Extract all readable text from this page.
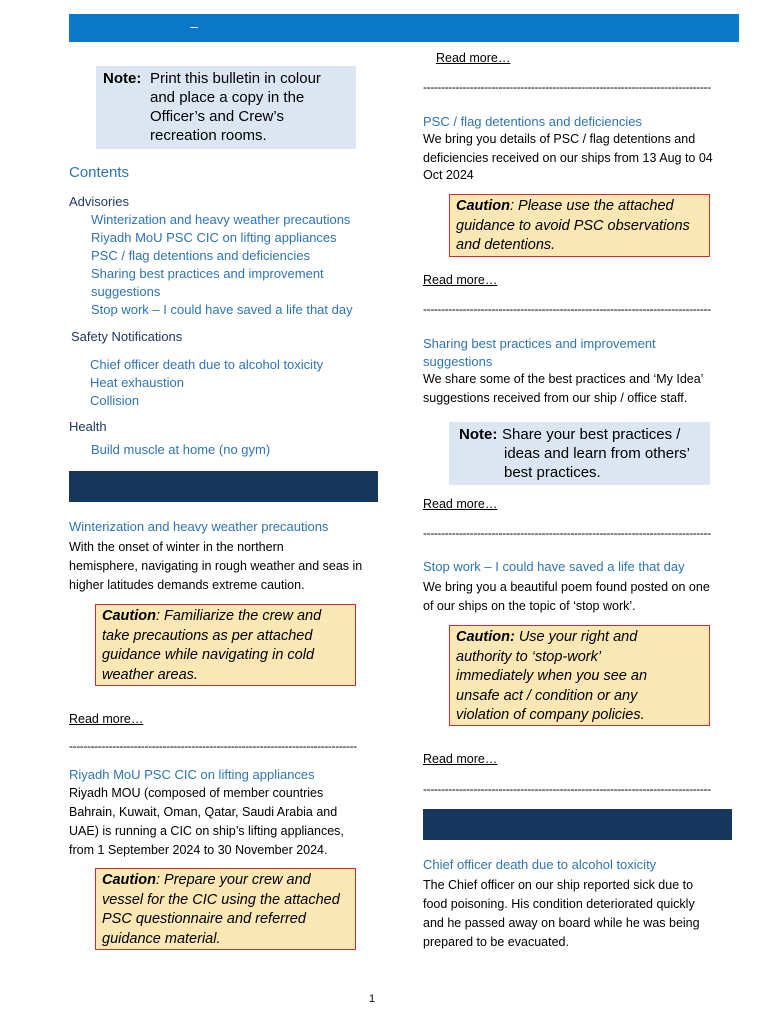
–
Note: Print this bulletin in colour
and place a copy in the
Officer’s and Crew’s
recreation rooms.
Contents
Advisories
Winterization and heavy weather precautions
Riyadh MoU PSC CIC on lifting appliances
PSC / flag detentions and deficiencies
Sharing best practices and improvement
suggestions
Stop work – I could have saved a life that day
Safety Notifications
Chief officer death due to alcohol toxicity
Heat exhaustion
Collision
Health
Build muscle at home (no gym)
Winterization and heavy weather precautions
With the onset of winter in the northern
hemisphere, navigating in rough weather and seas in
higher latitudes demands extreme caution.
Caution: Familiarize the crew and
take precautions as per attached
guidance while navigating in cold
weather areas.
Read more…
--------------------------------------------------------------------------------
Riyadh MoU PSC CIC on lifting appliances
Riyadh MOU (composed of member countries
Bahrain, Kuwait, Oman, Qatar, Saudi Arabia and
UAE) is running a CIC on ship’s lifting appliances,
from 1 September 2024 to 30 November 2024.
Caution: Prepare your crew and
vessel for the CIC using the attached
PSC questionnaire and referred
guidance material.
Read more…
--------------------------------------------------------------------------------
PSC / flag detentions and deficiencies
We bring you details of PSC / flag detentions and
deficiencies received on our ships from 13 Aug to 04
Oct 2024
Caution: Please use the attached
guidance to avoid PSC observations
and detentions.
Read more…
--------------------------------------------------------------------------------
Sharing best practices and improvement
suggestions
We share some of the best practices and ‘My Idea’
suggestions received from our ship / office staff.
Note: Share your best practices /
ideas and learn from others’
best practices.
Read more…
--------------------------------------------------------------------------------
Stop work – I could have saved a life that day
We bring you a beautiful poem found posted on one
of our ships on the topic of ‘stop work’.
Caution: Use your right and
authority to ‘stop-work’
immediately when you see an
unsafe act / condition or any
violation of company policies.
Read more…
--------------------------------------------------------------------------------
Chief officer death due to alcohol toxicity
The Chief officer on our ship reported sick due to
food poisoning. His condition deteriorated quickly
and he passed away on board while he was being
prepared to be evacuated.
1
